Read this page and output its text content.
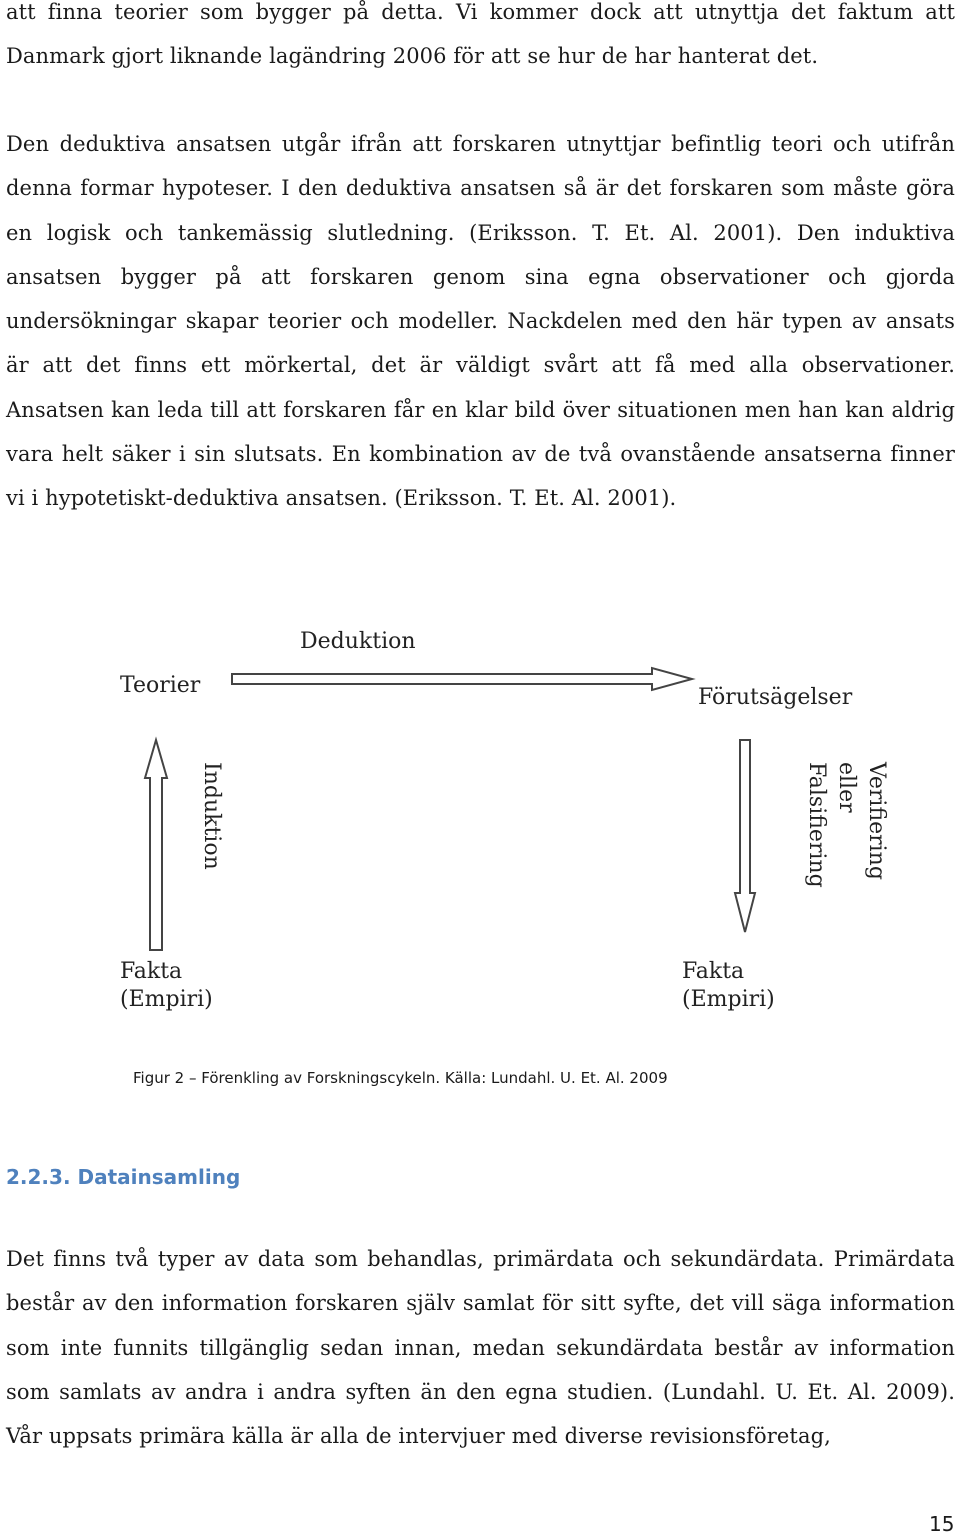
att finna teorier som bygger på detta. Vi kommer dock att utnyttja det faktum att Danmark gjort liknande lagändring 2006 för att se hur de har hanterat det.

Den deduktiva ansatsen utgår ifrån att forskaren utnyttjar befintlig teori och utifrån denna formar hypoteser. I den deduktiva ansatsen så är det forskaren som måste göra en logisk och tankemässig slutledning. (Eriksson. T. Et. Al. 2001). Den induktiva ansatsen bygger på att forskaren genom sina egna observationer och gjorda undersökningar skapar teorier och modeller. Nackdelen med den här typen av ansats är att det finns ett mörkertal, det är väldigt svårt att få med alla observationer. Ansatsen kan leda till att forskaren får en klar bild över situationen men han kan aldrig vara helt säker i sin slutsats. En kombination av de två ovanstående ansatserna finner vi i hypotetiskt-deduktiva ansatsen. (Eriksson. T. Et. Al. 2001).

Deduktion
Teorier	Förutsägelser
Induktion	Verifiering
eller
Falsifiering
Fakta
(Empiri)
Fakta
(Empiri)

Figur 2 – Förenkling av Forskningscykeln. Källa: Lundahl. U. Et. Al. 2009

2.2.3. Datainsamling

Det finns två typer av data som behandlas, primärdata och sekundärdata. Primärdata består av den information forskaren själv samlat för sitt syfte, det vill säga information som inte funnits tillgänglig sedan innan, medan sekundärdata består av information som samlats av andra i andra syften än den egna studien. (Lundahl. U. Et. Al. 2009). Vår uppsats primära källa är alla de intervjuer med diverse revisionsföretag,

15
